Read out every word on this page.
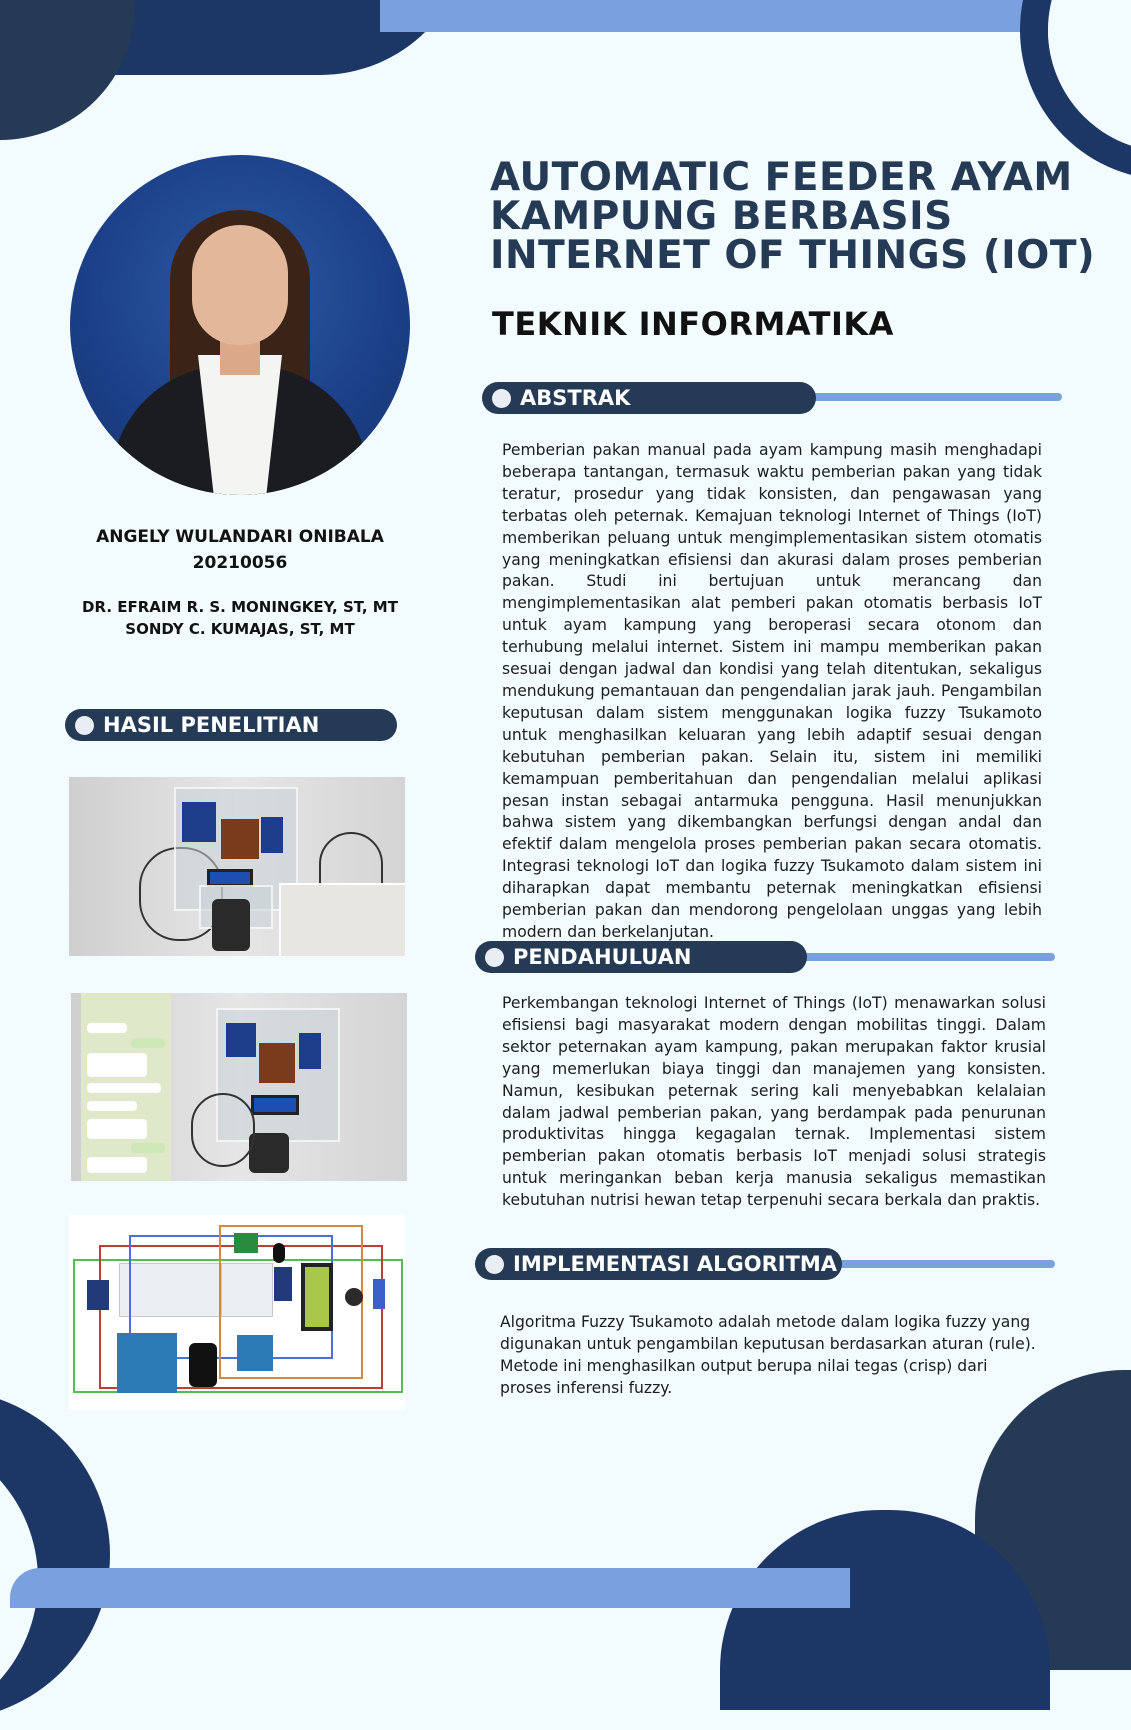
ANGELY WULANDARI ONIBALA
20210056
DR. EFRAIM R. S. MONINGKEY, ST, MT
SONDY C. KUMAJAS, ST, MT
AUTOMATIC FEEDER AYAM
KAMPUNG BERBASIS
INTERNET OF THINGS (IOT)
TEKNIK INFORMATIKA
ABSTRAK
Pemberian pakan manual pada ayam kampung masih menghadapi beberapa tantangan, termasuk waktu pemberian pakan yang tidak teratur, prosedur yang tidak konsisten, dan pengawasan yang terbatas oleh peternak. Kemajuan teknologi Internet of Things (IoT) memberikan peluang untuk mengimplementasikan sistem otomatis yang meningkatkan efisiensi dan akurasi dalam proses pemberian pakan. Studi ini bertujuan untuk merancang dan mengimplementasikan alat pemberi pakan otomatis berbasis IoT untuk ayam kampung yang beroperasi secara otonom dan terhubung melalui internet. Sistem ini mampu memberikan pakan sesuai dengan jadwal dan kondisi yang telah ditentukan, sekaligus mendukung pemantauan dan pengendalian jarak jauh. Pengambilan keputusan dalam sistem menggunakan logika fuzzy Tsukamoto untuk menghasilkan keluaran yang lebih adaptif sesuai dengan kebutuhan pemberian pakan. Selain itu, sistem ini memiliki kemampuan pemberitahuan dan pengendalian melalui aplikasi pesan instan sebagai antarmuka pengguna. Hasil menunjukkan bahwa sistem yang dikembangkan berfungsi dengan andal dan efektif dalam mengelola proses pemberian pakan secara otomatis. Integrasi teknologi IoT dan logika fuzzy Tsukamoto dalam sistem ini diharapkan dapat membantu peternak meningkatkan efisiensi pemberian pakan dan mendorong pengelolaan unggas yang lebih modern dan berkelanjutan.
HASIL PENELITIAN
PENDAHULUAN
Perkembangan teknologi Internet of Things (IoT) menawarkan solusi efisiensi bagi masyarakat modern dengan mobilitas tinggi. Dalam sektor peternakan ayam kampung, pakan merupakan faktor krusial yang memerlukan biaya tinggi dan manajemen yang konsisten. Namun, kesibukan peternak sering kali menyebabkan kelalaian dalam jadwal pemberian pakan, yang berdampak pada penurunan produktivitas hingga kegagalan ternak. Implementasi sistem pemberian pakan otomatis berbasis IoT menjadi solusi strategis untuk meringankan beban kerja manusia sekaligus memastikan kebutuhan nutrisi hewan tetap terpenuhi secara berkala dan praktis.
IMPLEMENTASI ALGORITMA
Algoritma Fuzzy Tsukamoto adalah metode dalam logika fuzzy yang digunakan untuk pengambilan keputusan berdasarkan aturan (rule). Metode ini menghasilkan output berupa nilai tegas (crisp) dari proses inferensi fuzzy.
